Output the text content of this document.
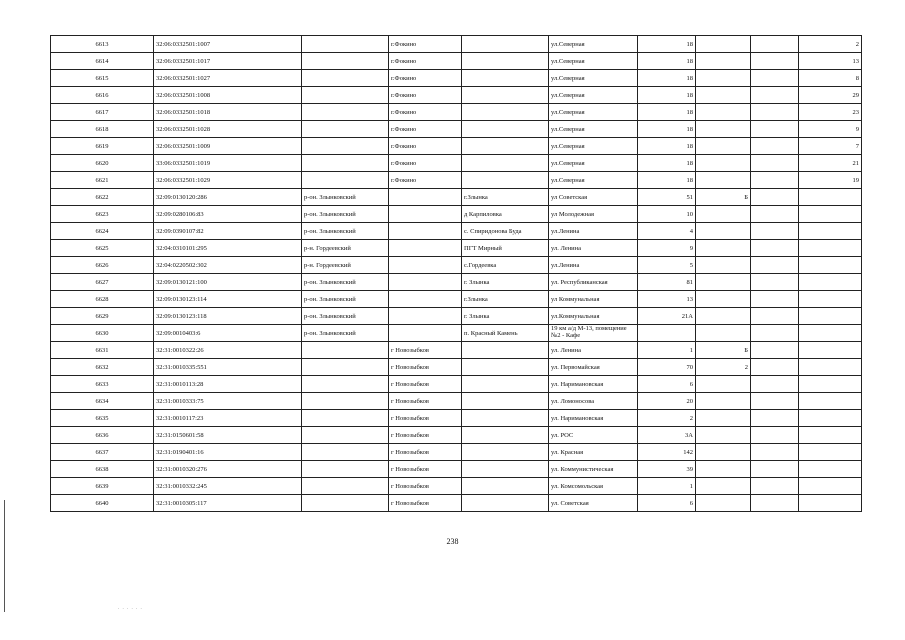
6613	32:06:0332501:1007		г.Фокино		ул.Северная	18			2
6614	32:06:0332501:1017		г.Фокино		ул.Северная	18			13
6615	32:06:0332501:1027		г.Фокино		ул.Северная	18			8
6616	32:06:0332501:1008		г.Фокино		ул.Северная	18			29
6617	32:06:0332501:1018		г.Фокино		ул.Северная	18			23
6618	32:06:0332501:1028		г.Фокино		ул.Северная	18			9
6619	32:06:0332501:1009		г.Фокино		ул.Северная	18			7
6620	33:06:0332501:1019		г.Фокино		ул.Северная	18			21
6621	32:06:0332501:1029		г.Фокино		ул.Северная	18			19
6622	32:09:0130120:286	р-он. Злынковский		г.Злынка	ул Советская	51	Б		
6623	32:09:0280106:83	р-он. Злынковский		д Карпиловка	ул Молодежная	10			
6624	32:09:0390107:82	р-он. Злынковский		с. Спиридонова Буда	ул.Ленина	4			
6625	32:04:0310101:295	р-н. Гордеевский		ПГТ Мирный	ул. Ленина	9			
6626	32:04:0220502:302	р-н. Гордеевский		с.Гордеевка	ул.Ленина	5			
6627	32:09:0130121:100	р-он. Злынковский		г. Злынка	ул. Республиканская	81			
6628	32:09:0130123:114	р-он. Злынковский		г.Злынка	ул Коммунальная	13			
6629	32:09:0130123:118	р-он. Злынковский		г. Злынка	ул.Коммунальная	21А			
6630	32:09:0010403:6	р-он. Злынковский		п. Красный Камень	19 км а/д М-13, помещение №2 - Кафе				
6631	32:31:0010322:26		г Новозыбков		ул. Ленина	1	Б		
6632	32:31:0010335:551		г Новозыбков		ул. Первомайская	70	2		
6633	32:31:0010113:28		г Новозыбков		ул. Наримановская	6			
6634	32:31:0010333:75		г Новозыбков		ул. Ломоносова	20			
6635	32:31:0010117:23		г Новозыбков		ул. Наримановская	2			
6636	32:31:0150601:58		г Новозыбков		ул. РОС	3А			
6637	32:31:0190401:16		г Новозыбков		ул. Красная	142			
6638	32:31:0010320:276		г Новозыбков		ул. Коммунистическая	39			
6639	32:31:0010332:245		г Новозыбков		ул. Комсомольская	1			
6640	32:31:0010305:117		г Новозыбков		ул. Советская	6			
238
. . . . . .
